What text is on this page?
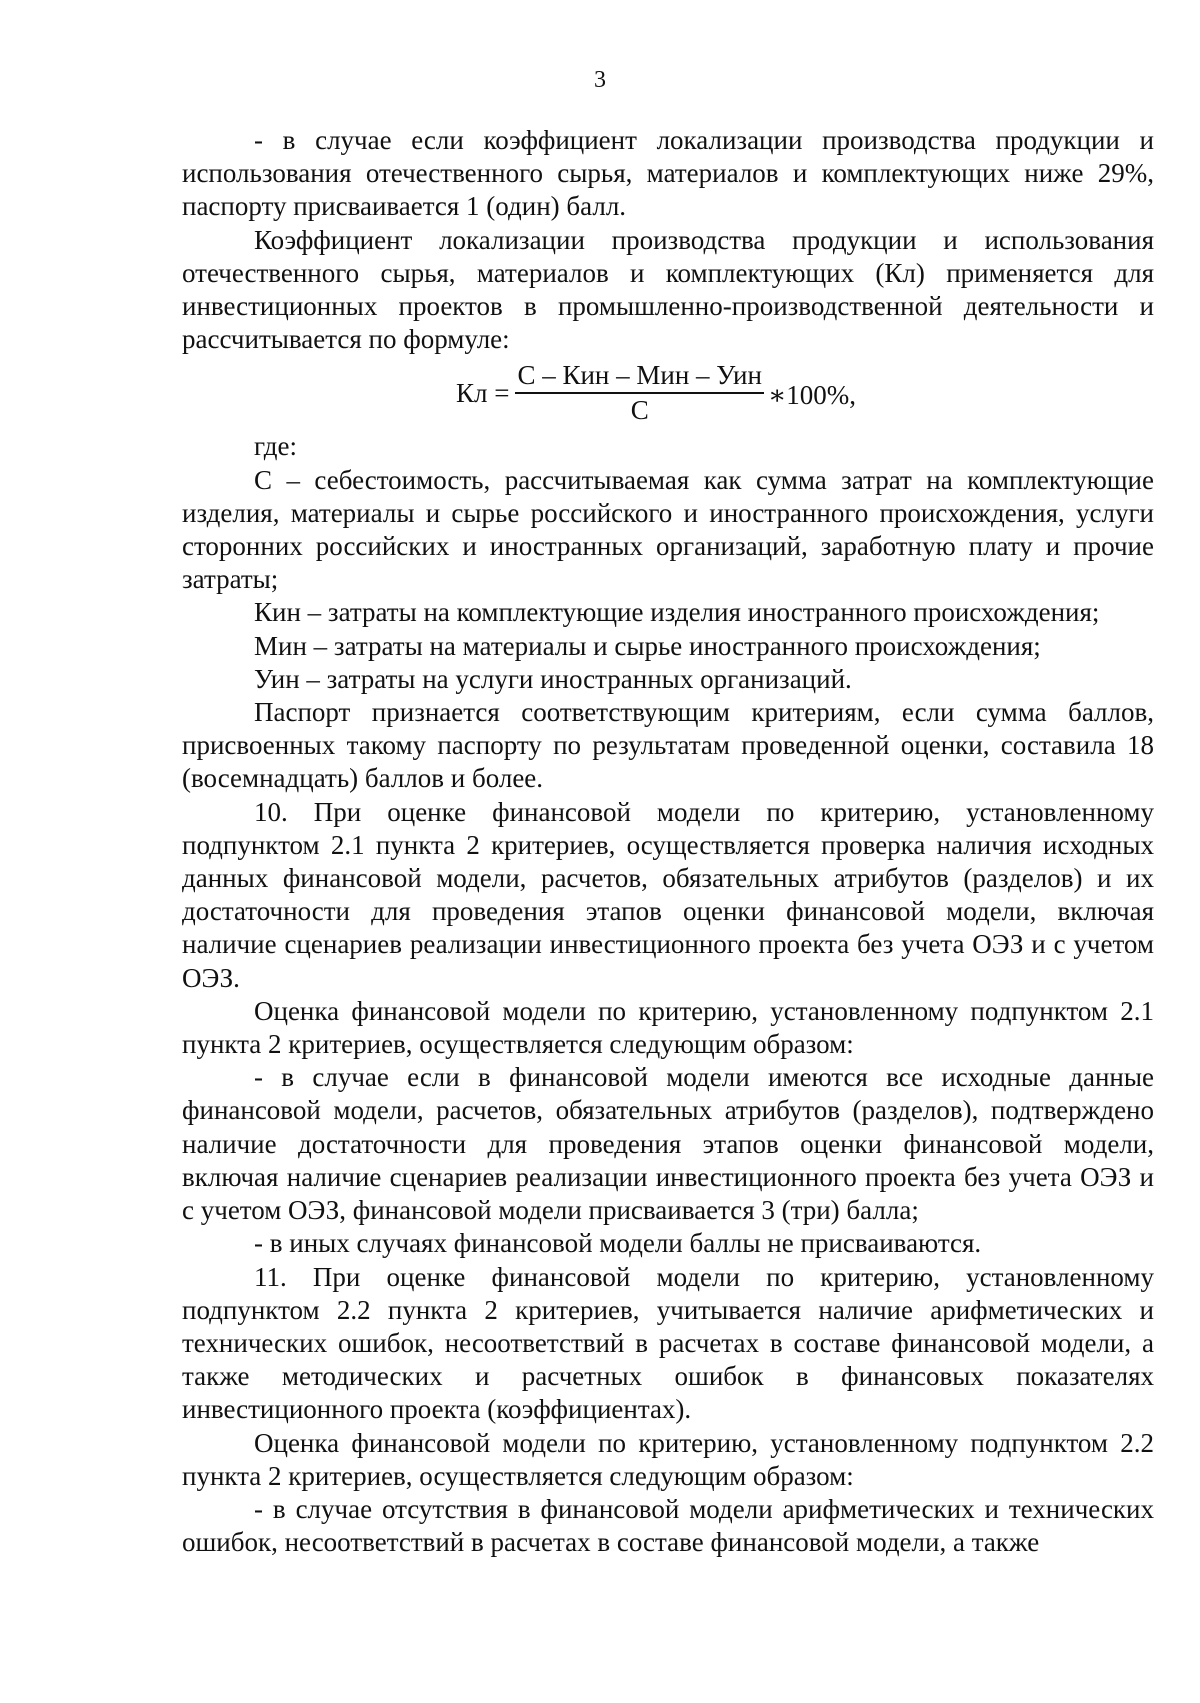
3

- в случае если коэффициент локализации производства продукции и использования отечественного сырья, материалов и комплектующих ниже 29%, паспорту присваивается 1 (один) балл.

Коэффициент локализации производства продукции и использования отечественного сырья, материалов и комплектующих (Кл) применяется для инвестиционных проектов в промышленно-производственной деятельности и рассчитывается по формуле:

Кл = $\frac{\text{С – Кин – Мин – Уин}}{С}$ ∗100%,

где:

С – себестоимость, рассчитываемая как сумма затрат на комплектующие изделия, материалы и сырье российского и иностранного происхождения, услуги сторонних российских и иностранных организаций, заработную плату и прочие затраты;

Кин – затраты на комплектующие изделия иностранного происхождения;

Мин – затраты на материалы и сырье иностранного происхождения;

Уин – затраты на услуги иностранных организаций.

Паспорт признается соответствующим критериям, если сумма баллов, присвоенных такому паспорту по результатам проведенной оценки, составила 18 (восемнадцать) баллов и более.

10. При оценке финансовой модели по критерию, установленному подпунктом 2.1 пункта 2 критериев, осуществляется проверка наличия исходных данных финансовой модели, расчетов, обязательных атрибутов (разделов) и их достаточности для проведения этапов оценки финансовой модели, включая наличие сценариев реализации инвестиционного проекта без учета ОЭЗ и с учетом ОЭЗ.

Оценка финансовой модели по критерию, установленному подпунктом 2.1 пункта 2 критериев, осуществляется следующим образом:

- в случае если в финансовой модели имеются все исходные данные финансовой модели, расчетов, обязательных атрибутов (разделов), подтверждено наличие достаточности для проведения этапов оценки финансовой модели, включая наличие сценариев реализации инвестиционного проекта без учета ОЭЗ и с учетом ОЭЗ, финансовой модели присваивается 3 (три) балла;

- в иных случаях финансовой модели баллы не присваиваются.

11. При оценке финансовой модели по критерию, установленному подпунктом 2.2 пункта 2 критериев, учитывается наличие арифметических и технических ошибок, несоответствий в расчетах в составе финансовой модели, а также методических и расчетных ошибок в финансовых показателях инвестиционного проекта (коэффициентах).

Оценка финансовой модели по критерию, установленному подпунктом 2.2 пункта 2 критериев, осуществляется следующим образом:

- в случае отсутствия в финансовой модели арифметических и технических ошибок, несоответствий в расчетах в составе финансовой модели, а также
